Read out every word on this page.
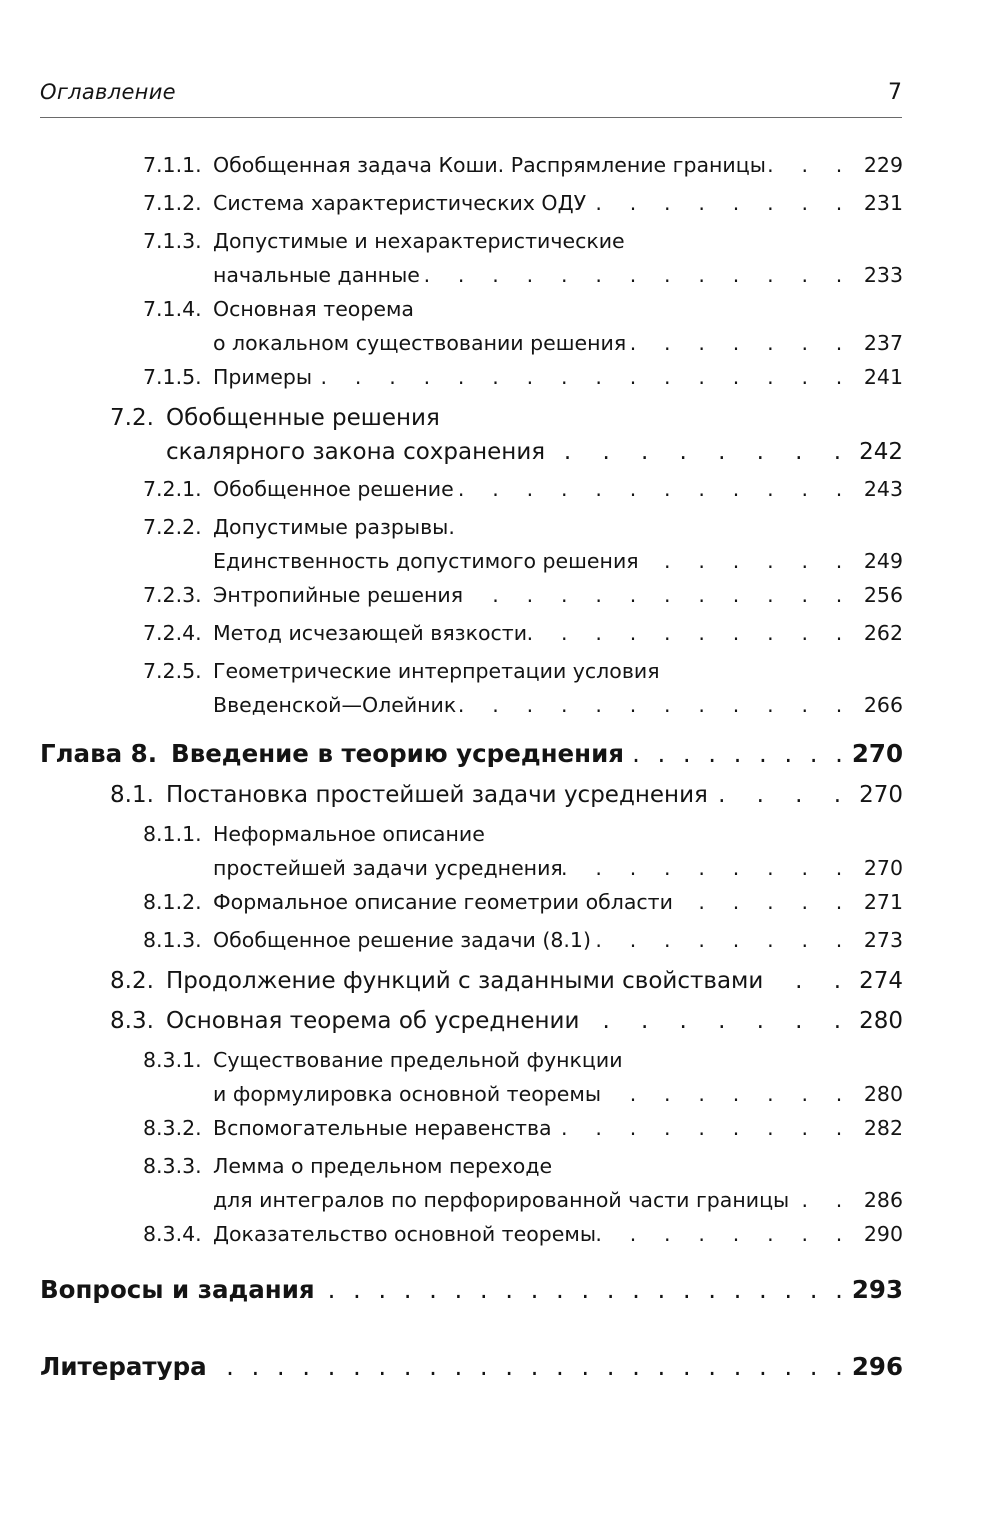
Оглавление	7
7.1.1. Обобщенная задача Коши. Распрямление границы . . .	229
7.1.2. Система характеристических ОДУ . . .	231
7.1.3. Допустимые и нехарактеристические
начальные данные . . .	233
7.1.4. Основная теорема
о локальном существовании решения . . .	237
7.1.5. Примеры . . .	241
7.2. Обобщенные решения
скалярного закона сохранения . . .	242
7.2.1. Обобщенное решение . . .	243
7.2.2. Допустимые разрывы.
Единственность допустимого решения . . .	249
7.2.3. Энтропийные решения . . .	256
7.2.4. Метод исчезающей вязкости . . .	262
7.2.5. Геометрические интерпретации условия
Введенской—Олейник . . .	266
Глава 8. Введение в теорию усреднения . . .	270
8.1. Постановка простейшей задачи усреднения . . .	270
8.1.1. Неформальное описание
простейшей задачи усреднения . . .	270
8.1.2. Формальное описание геометрии области . . .	271
8.1.3. Обобщенное решение задачи (8.1) . . .	273
8.2. Продолжение функций с заданными свойствами . . .	274
8.3. Основная теорема об усреднении . . .	280
8.3.1. Существование предельной функции
и формулировка основной теоремы . . .	280
8.3.2. Вспомогательные неравенства . . .	282
8.3.3. Лемма о предельном переходе
для интегралов по перфорированной части границы . . .	286
8.3.4. Доказательство основной теоремы . . .	290
Вопросы и задания . . .	293
Литература . . .	296
